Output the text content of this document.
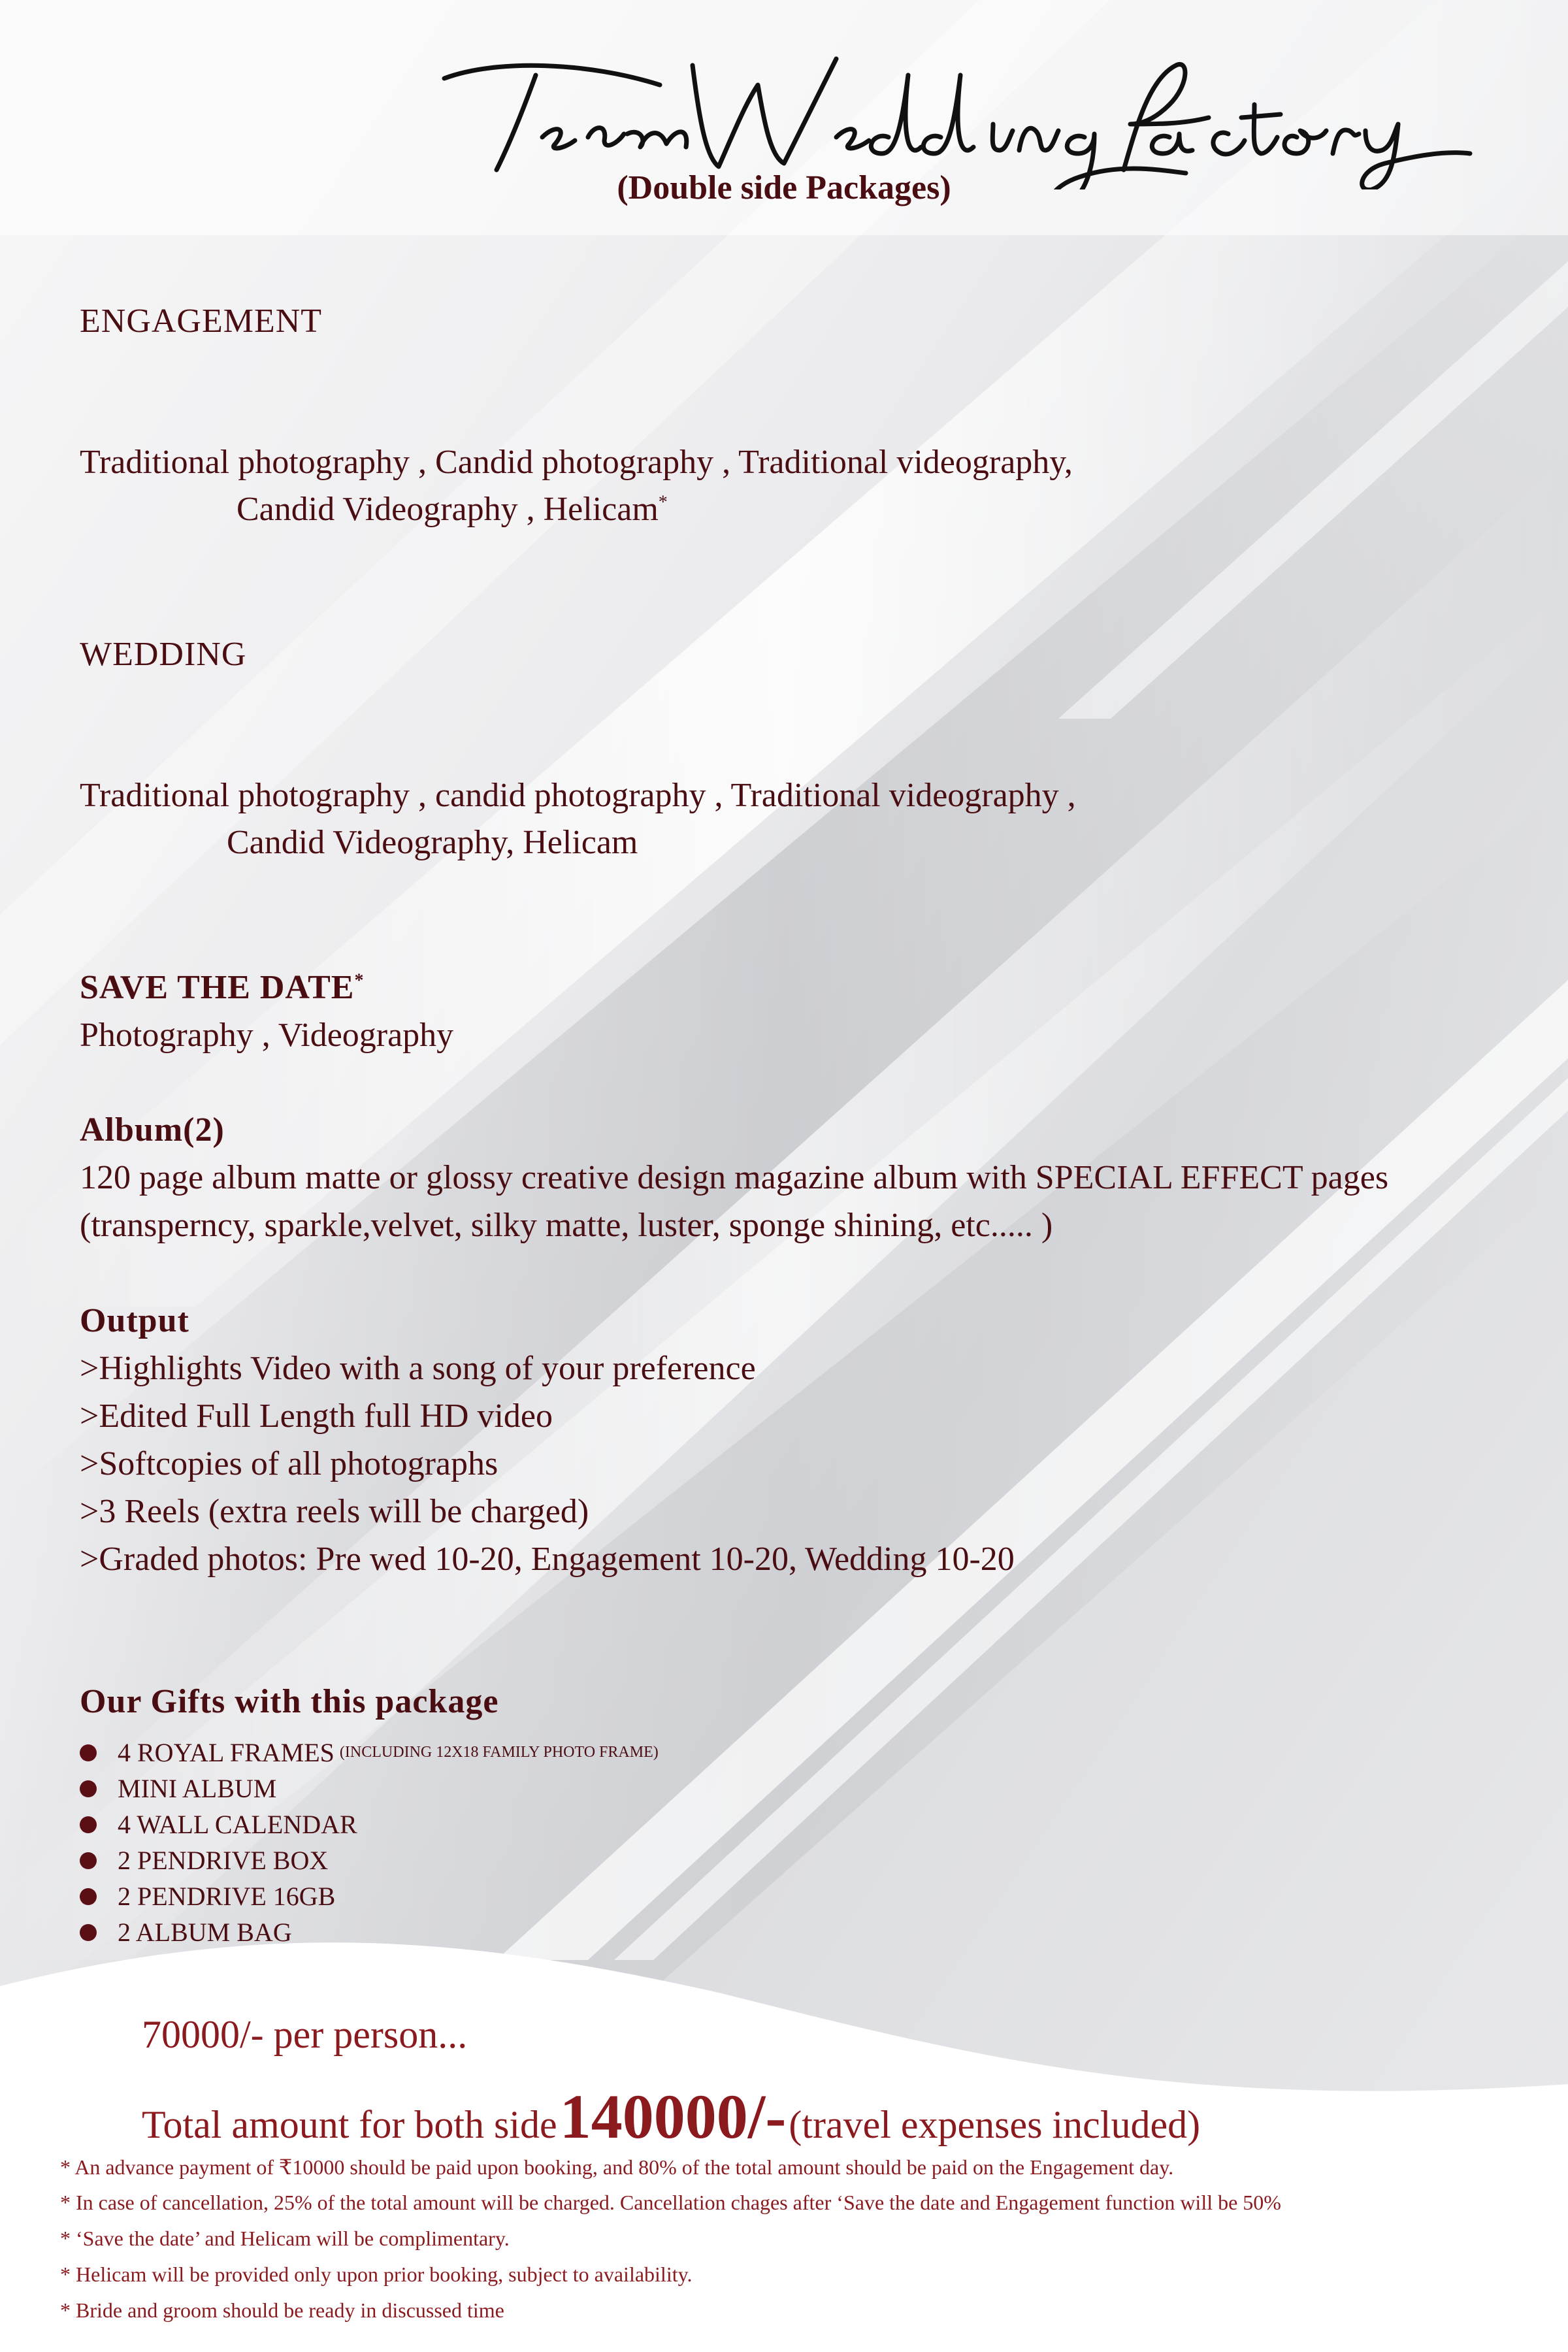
(Double side Packages)
ENGAGEMENT
Traditional photography , Candid photography , Traditional videography,
Candid Videography , Helicam*
WEDDING
Traditional photography , candid photography , Traditional videography ,
Candid Videography, Helicam
SAVE THE DATE*
Photography , Videography
Album(2)
120 page album matte or glossy creative design magazine album with SPECIAL EFFECT pages
(transperncy, sparkle,velvet, silky matte, luster, sponge shining, etc..... )
Output
>Highlights Video with a song of your preference
>Edited Full Length full HD video
>Softcopies of all photographs
>3 Reels (extra reels will be charged)
>Graded photos: Pre wed 10-20, Engagement 10-20, Wedding 10-20
Our Gifts with this package
4 ROYAL FRAMES (INCLUDING 12X18 FAMILY PHOTO FRAME)
MINI ALBUM
4 WALL CALENDAR
2 PENDRIVE BOX
2 PENDRIVE 16GB
2 ALBUM BAG
70000/- per person...
Total amount for both side 140000/- (travel expenses included)
* An advance payment of ₹10000 should be paid upon booking, and 80% of the total amount should be paid on the Engagement day.
* In case of cancellation, 25% of the total amount will be charged. Cancellation chages after ‘Save the date and Engagement function will be 50%
* ‘Save the date’ and Helicam will be complimentary.
* Helicam will be provided only upon prior booking, subject to availability.
* Bride and groom should be ready in discussed time
